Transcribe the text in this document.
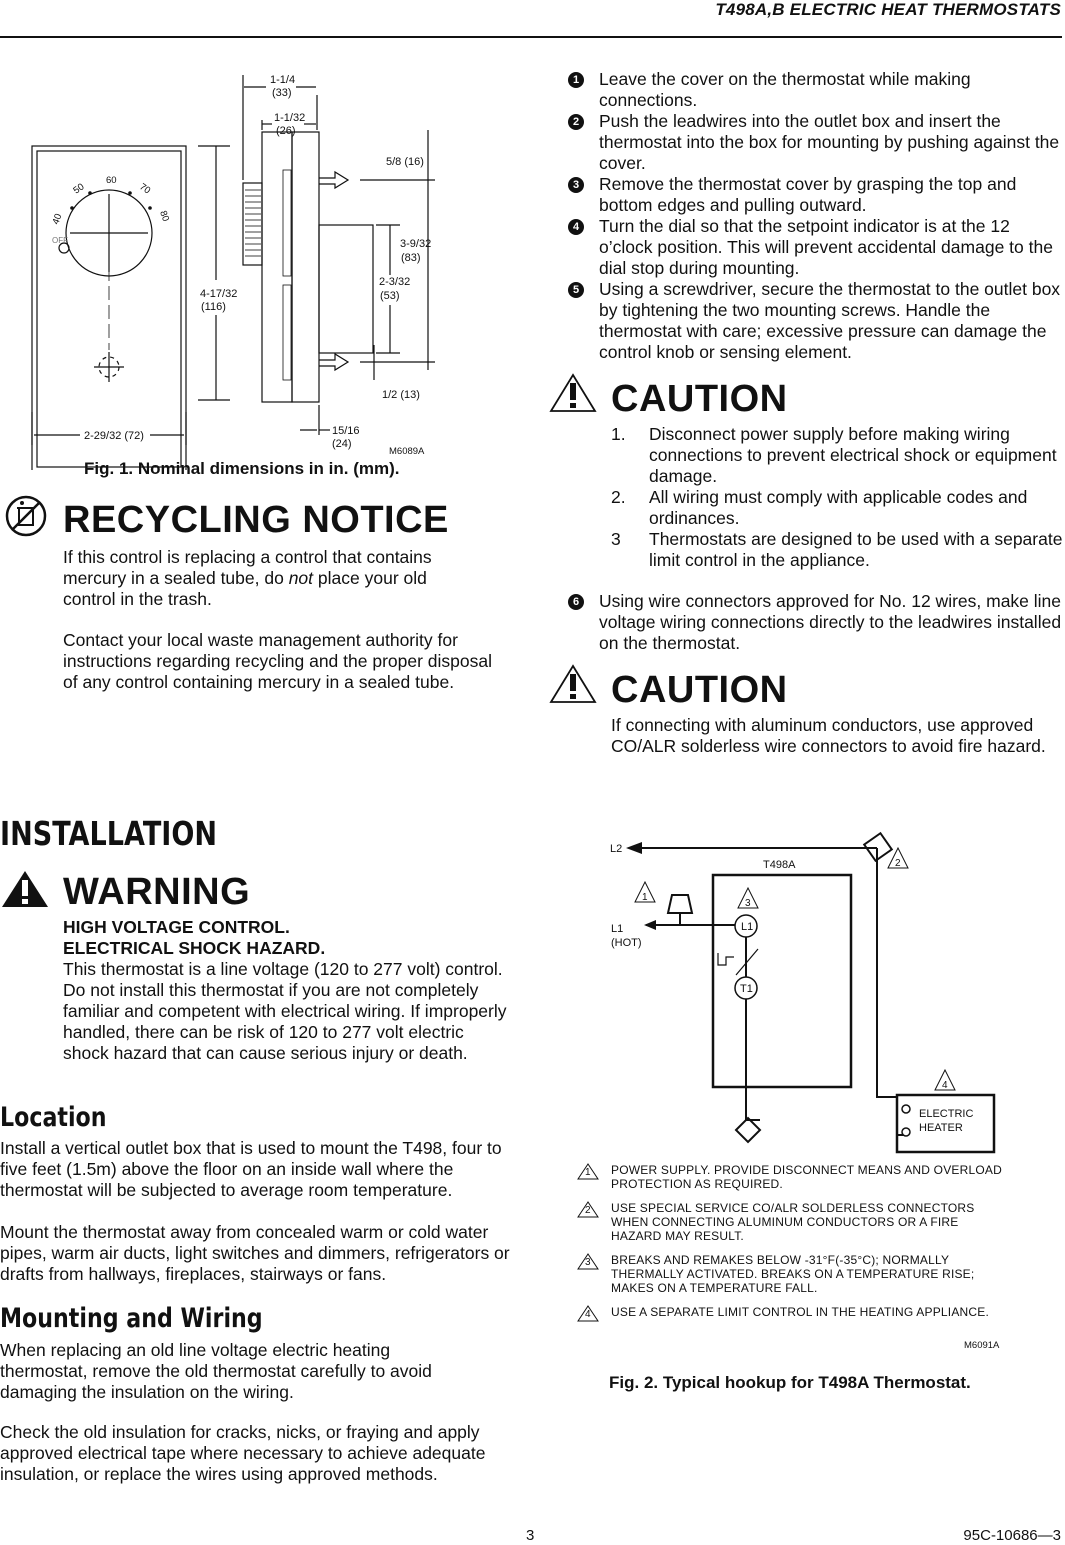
T498A,B ELECTRIC HEAT THERMOSTATS
1-1/4
(33)
1-1/32
(26)
5/8 (16)
3-9/32
(83)
2-3/32
(53)
4-17/32
(116)
1/2 (13)
2-29/32 (72)	15/16
(24)
M6089A
60
50	70
40	80
OFF
Fig. 1. Nominal dimensions in in. (mm).
RECYCLING NOTICE
If this control is replacing a control that contains mercury in a sealed tube, do not place your old control in the trash.
Contact your local waste management authority for instructions regarding recycling and the proper disposal of any control containing mercury in a sealed tube.
INSTALLATION
WARNING
HIGH VOLTAGE CONTROL.
ELECTRICAL SHOCK HAZARD.
This thermostat is a line voltage (120 to 277 volt) control. Do not install this thermostat if you are not completely familiar and competent with electrical wiring. If improperly handled, there can be risk of 120 to 277 volt electric shock hazard that can cause serious injury or death.
Location
Install a vertical outlet box that is used to mount the T498, four to five feet (1.5m) above the floor on an inside wall where the thermostat will be subjected to average room temperature.
Mount the thermostat away from concealed warm or cold water pipes, warm air ducts, light switches and dimmers, refrigerators or drafts from hallways, fireplaces, stairways or fans.
Mounting and Wiring
When replacing an old line voltage electric heating thermostat, remove the old thermostat carefully to avoid damaging the insulation on the wiring.
Check the old insulation for cracks, nicks, or fraying and apply approved electrical tape where necessary to achieve adequate insulation, or replace the wires using approved methods.
1 Leave the cover on the thermostat while making connections.
2 Push the leadwires into the outlet box and insert the thermostat into the box for mounting by pushing against the cover.
3 Remove the thermostat cover by grasping the top and bottom edges and pulling outward.
4 Turn the dial so that the setpoint indicator is at the 12 o’clock position. This will prevent accidental damage to the dial stop during mounting.
5 Using a screwdriver, secure the thermostat to the outlet box by tightening the two mounting screws. Handle the thermostat with care; excessive pressure can damage the control knob or sensing element.
CAUTION
1.	Disconnect power supply before making wiring connections to prevent electrical shock or equipment damage.
2.	All wiring must comply with applicable codes and ordinances.
3	Thermostats are designed to be used with a separate limit control in the appliance.
6 Using wire connectors approved for No. 12 wires, make line voltage wiring connections directly to the leadwires installed on the thermostat.
CAUTION
If connecting with aluminum conductors, use approved CO/ALR solderless wire connectors to avoid fire hazard.
L2
T498A
L1
(HOT)
L1
T1
ELECTRIC
HEATER
1
3
2
4
1 POWER SUPPLY. PROVIDE DISCONNECT MEANS AND OVERLOAD PROTECTION AS REQUIRED.
2 USE SPECIAL SERVICE CO/ALR SOLDERLESS CONNECTORS WHEN CONNECTING ALUMINUM CONDUCTORS OR A FIRE HAZARD MAY RESULT.
3 BREAKS AND REMAKES BELOW -31°F(-35°C); NORMALLY THERMALLY ACTIVATED. BREAKS ON A TEMPERATURE RISE; MAKES ON A TEMPERATURE FALL.
4 USE A SEPARATE LIMIT CONTROL IN THE HEATING APPLIANCE.
M6091A
Fig. 2. Typical hookup for T498A Thermostat.
3	95C-10686—3
